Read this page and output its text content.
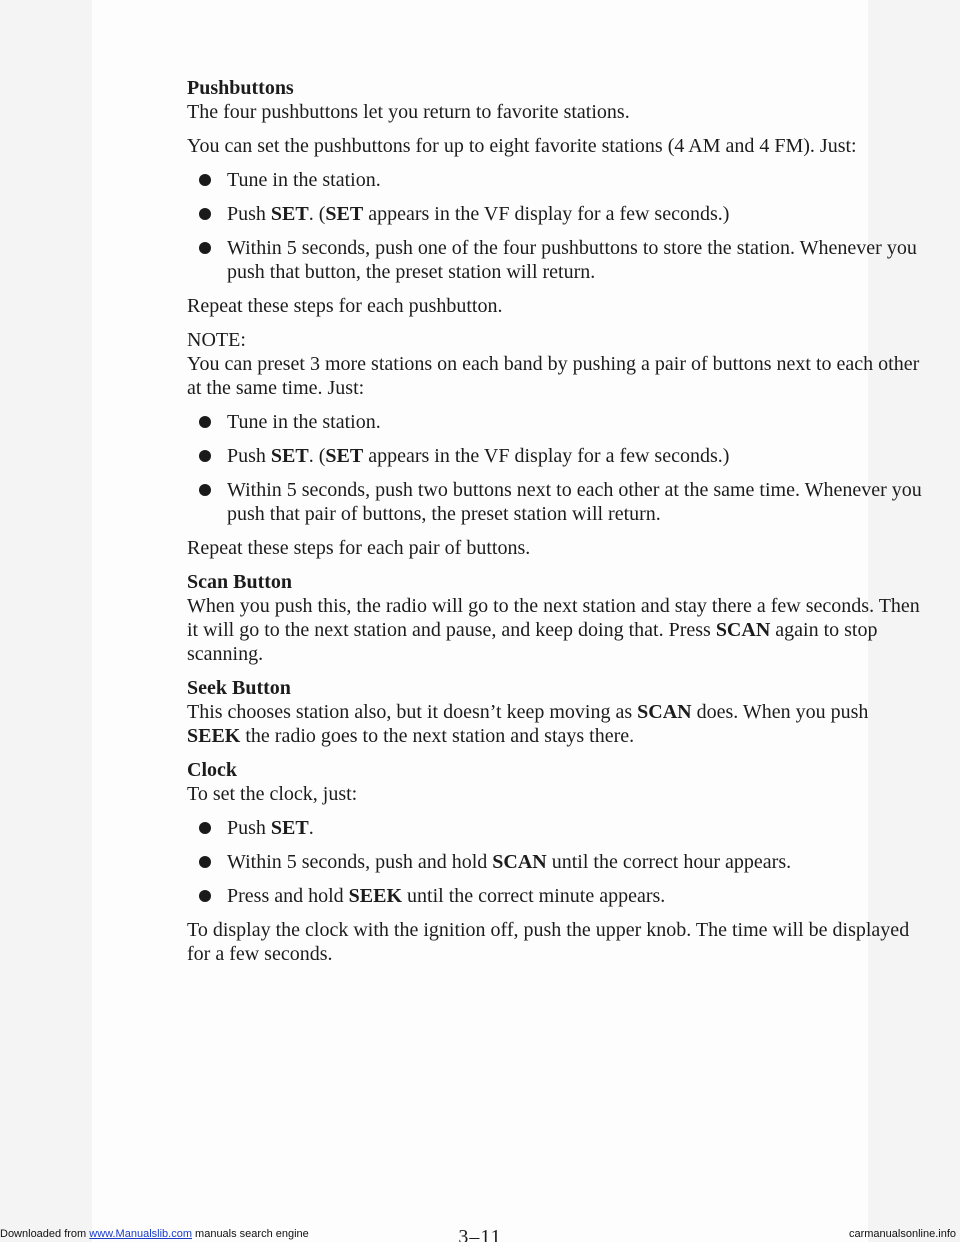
Pushbuttons

The four pushbuttons let you return to favorite stations.

You can set the pushbuttons for up to eight favorite stations (4 AM and 4 FM). Just:

Tune in the station.
Push SET. (SET appears in the VF display for a few seconds.)
Within 5 seconds, push one of the four pushbuttons to store the station. Whenever you push that button, the preset station will return.

Repeat these steps for each pushbutton.

NOTE:

You can preset 3 more stations on each band by pushing a pair of buttons next to each other at the same time. Just:

Tune in the station.
Push SET. (SET appears in the VF display for a few seconds.)
Within 5 seconds, push two buttons next to each other at the same time. Whenever you push that pair of buttons, the preset station will return.

Repeat these steps for each pair of buttons.

Scan Button

When you push this, the radio will go to the next station and stay there a few seconds. Then it will go to the next station and pause, and keep doing that. Press SCAN again to stop scanning.

Seek Button

This chooses station also, but it doesn’t keep moving as SCAN does. When you push SEEK the radio goes to the next station and stays there.

Clock

To set the clock, just:

Push SET.
Within 5 seconds, push and hold SCAN until the correct hour appears.
Press and hold SEEK until the correct minute appears.

To display the clock with the ignition off, push the upper knob. The time will be displayed for a few seconds.

3–11
Downloaded from www.Manualslib.com manuals search engine	carmanualsonline.info
